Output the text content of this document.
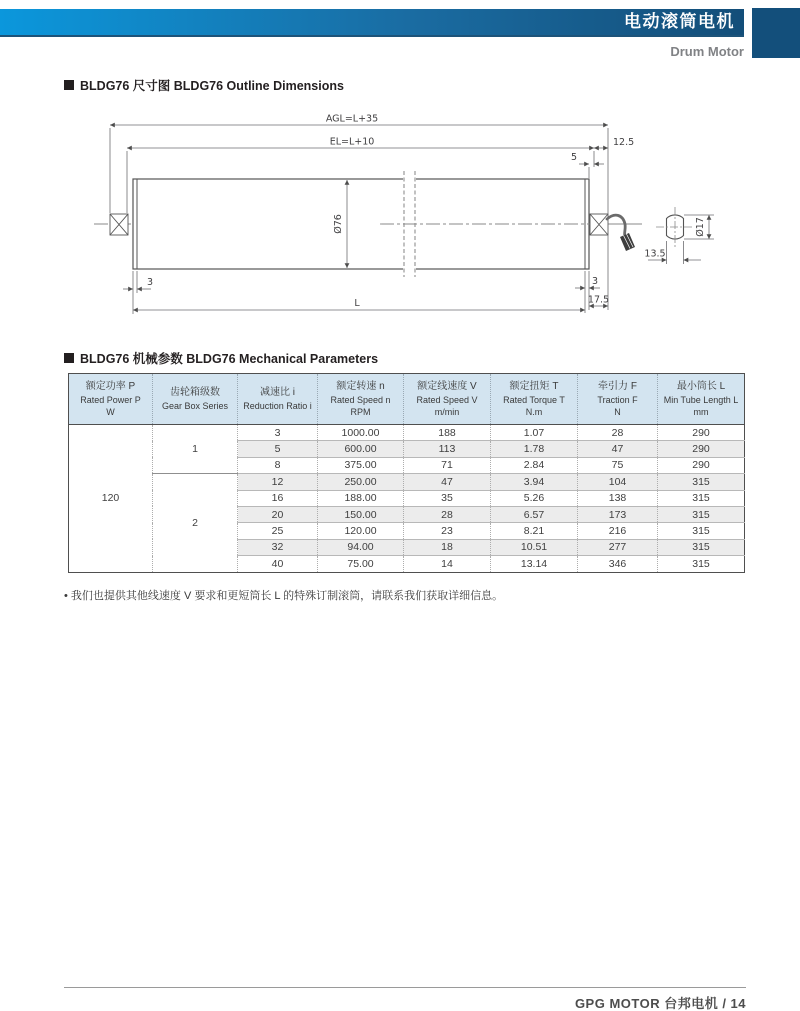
电动滚筒电机
Drum Motor
BLDG76 尺寸图 BLDG76 Outline Dimensions
AGL=L+35
EL=L+10	12.5
5
Ø76
3
L
3
17.5
Ø17
13.5
BLDG76 机械参数 BLDG76 Mechanical Parameters
额定功率 P
Rated Power P
W	齿轮箱级数
Gear Box Series	减速比 i
Reduction Ratio i	额定转速 n
Rated Speed n
RPM	额定线速度 V
Rated Speed V
m/min	额定扭矩 T
Rated Torque T
N.m	牵引力 F
Traction F
N	最小筒长 L
Min Tube Length L
mm

120	1	3	1000.00	188	1.07	28	290
		5	600.00	113	1.78	47	290
		8	375.00	71	2.84	75	290
	2	12	250.00	47	3.94	104	315
		16	188.00	35	5.26	138	315
		20	150.00	28	6.57	173	315
		25	120.00	23	8.21	216	315
		32	94.00	18	10.51	277	315
		40	75.00	14	13.14	346	315
• 我们也提供其他线速度 V 要求和更短筒长 L 的特殊订制滚筒，请联系我们获取详细信息。
GPG MOTOR 台邦电机 / 14
